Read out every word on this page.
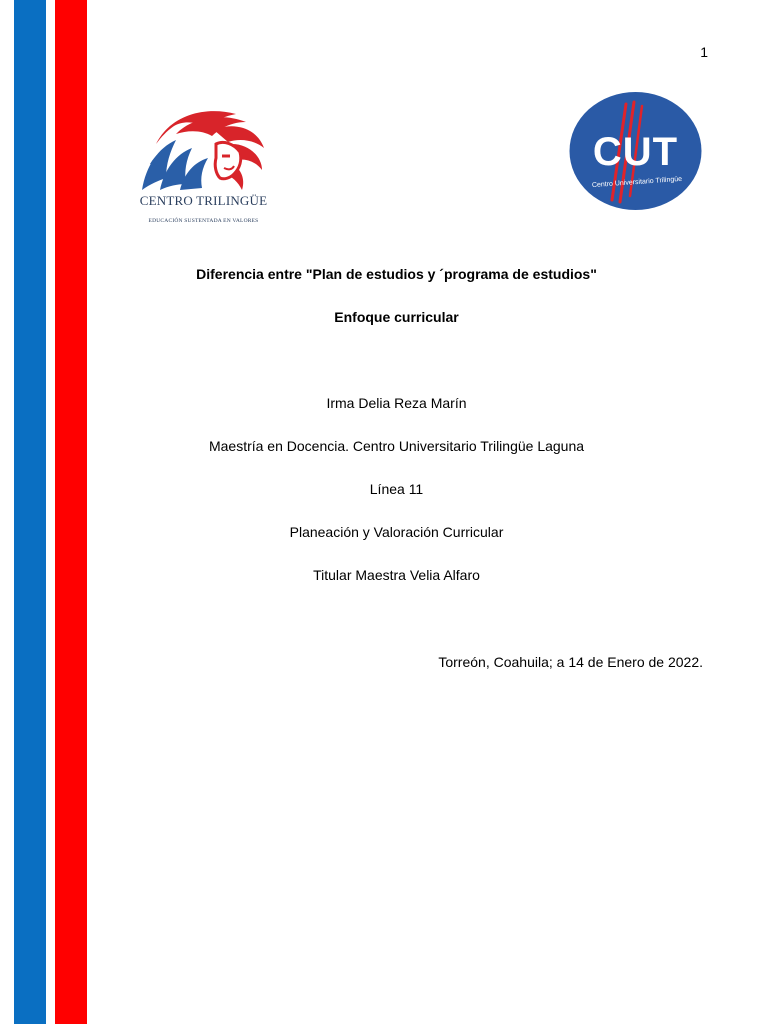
1
CENTRO TRILINGÜE
EDUCACIÓN SUSTENTADA EN VALORES
CUT
Centro Universitario Trilingüe
Diferencia entre "Plan de estudios y ´programa de estudios"
Enfoque curricular
Irma Delia Reza Marín
Maestría en Docencia. Centro Universitario Trilingüe Laguna
Línea 11
Planeación y Valoración Curricular
Titular Maestra Velia Alfaro
Torreón, Coahuila; a 14 de Enero de 2022.
